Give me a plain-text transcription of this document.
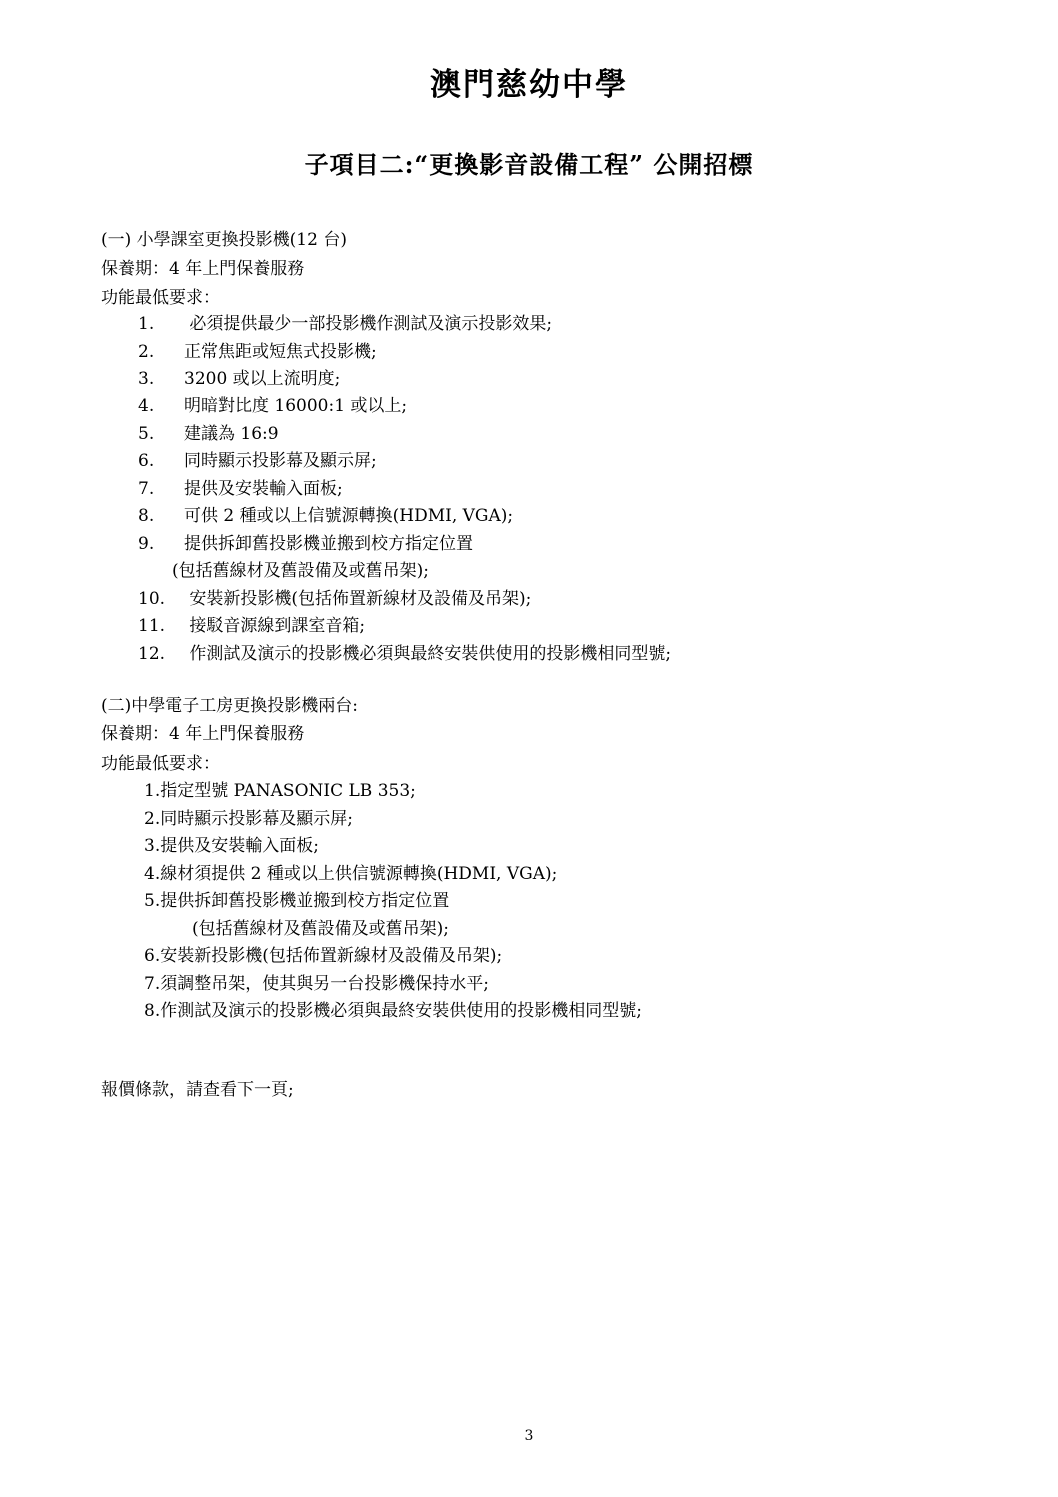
澳門慈幼中學
子項目二:“更換影音設備工程” 公開招標
(一) 小學課室更換投影機(12 台)
保養期：4 年上門保養服務
功能最低要求：
1. 必須提供最少一部投影機作測試及演示投影效果;
2. 正常焦距或短焦式投影機;
3. 3200 或以上流明度;
4. 明暗對比度 16000:1 或以上;
5. 建議為 16:9
6. 同時顯示投影幕及顯示屏;
7. 提供及安裝輸入面板;
8. 可供 2 種或以上信號源轉換(HDMI, VGA);
9. 提供拆卸舊投影機並搬到校方指定位置
(包括舊線材及舊設備及或舊吊架);
10. 安裝新投影機(包括佈置新線材及設備及吊架);
11. 接駁音源線到課室音箱;
12. 作測試及演示的投影機必須與最終安裝供使用的投影機相同型號;
(二)中學電子工房更換投影機兩台:
保養期：4 年上門保養服務
功能最低要求：
1.指定型號 PANASONIC LB 353;
2.同時顯示投影幕及顯示屏;
3.提供及安裝輸入面板;
4.線材須提供 2 種或以上供信號源轉換(HDMI, VGA);
5.提供拆卸舊投影機並搬到校方指定位置
(包括舊線材及舊設備及或舊吊架);
6.安裝新投影機(包括佈置新線材及設備及吊架);
7.須調整吊架，使其與另一台投影機保持水平;
8.作測試及演示的投影機必須與最終安裝供使用的投影機相同型號;
報價條款，請查看下一頁;
3
